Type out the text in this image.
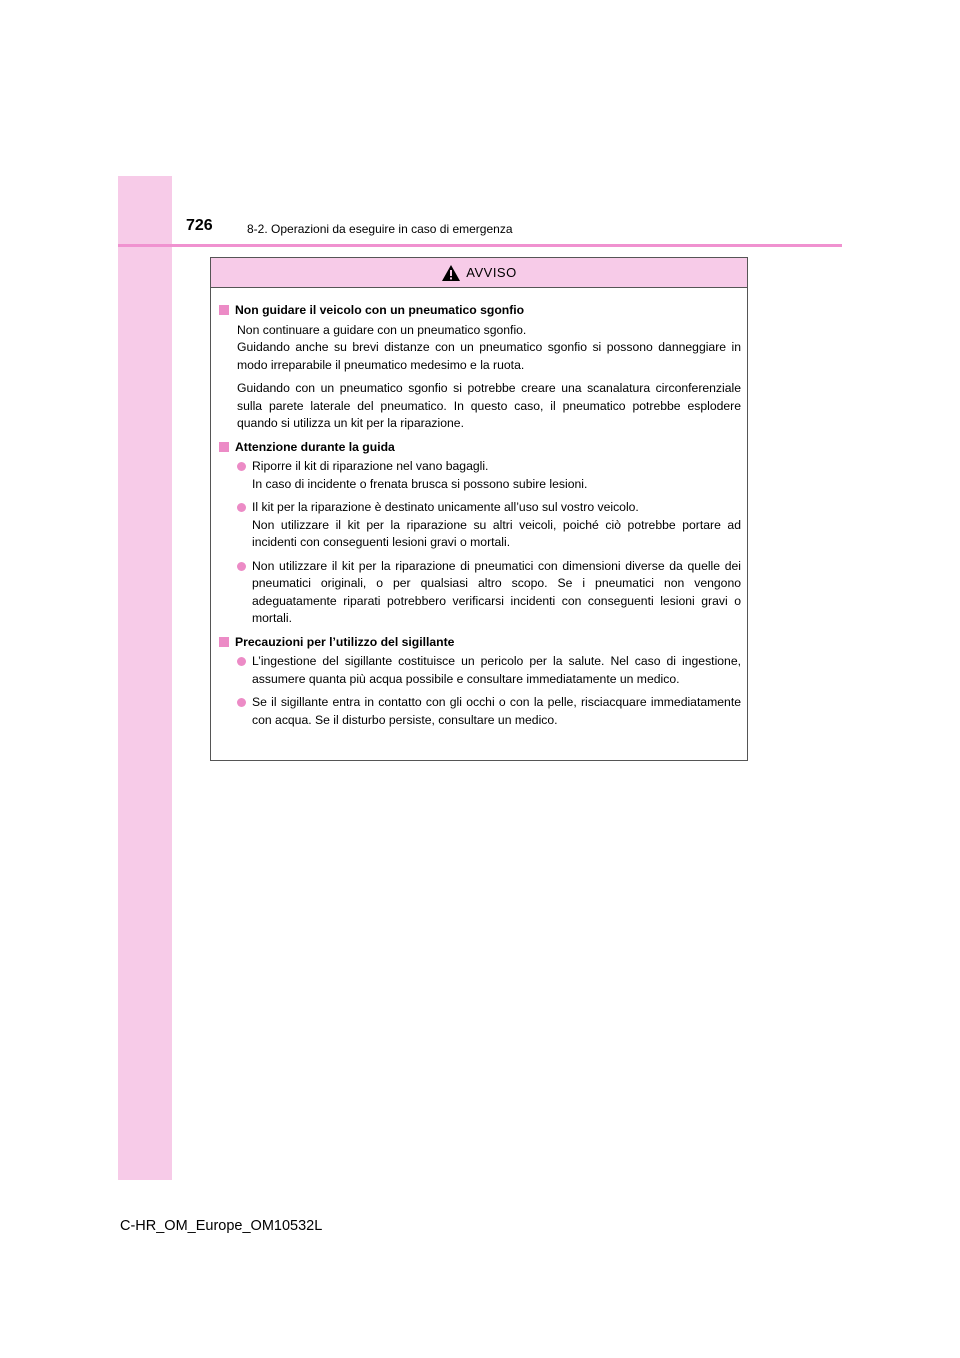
726	8-2. Operazioni da eseguire in caso di emergenza
AVVISO
Non guidare il veicolo con un pneumatico sgonfio
Non continuare a guidare con un pneumatico sgonfio.
Guidando anche su brevi distanze con un pneumatico sgonfio si possono danneggiare in modo irreparabile il pneumatico medesimo e la ruota.
Guidando con un pneumatico sgonfio si potrebbe creare una scanalatura circonferenziale sulla parete laterale del pneumatico. In questo caso, il pneumatico potrebbe esplodere quando si utilizza un kit per la riparazione.
Attenzione durante la guida
Riporre il kit di riparazione nel vano bagagli.
In caso di incidente o frenata brusca si possono subire lesioni.
Il kit per la riparazione è destinato unicamente all’uso sul vostro veicolo.
Non utilizzare il kit per la riparazione su altri veicoli, poiché ciò potrebbe portare ad incidenti con conseguenti lesioni gravi o mortali.
Non utilizzare il kit per la riparazione di pneumatici con dimensioni diverse da quelle dei pneumatici originali, o per qualsiasi altro scopo. Se i pneumatici non vengono adeguatamente riparati potrebbero verificarsi incidenti con conseguenti lesioni gravi o mortali.
Precauzioni per l’utilizzo del sigillante
L’ingestione del sigillante costituisce un pericolo per la salute. Nel caso di ingestione, assumere quanta più acqua possibile e consultare immediatamente un medico.
Se il sigillante entra in contatto con gli occhi o con la pelle, risciacquare immediatamente con acqua. Se il disturbo persiste, consultare un medico.
C-HR_OM_Europe_OM10532L
